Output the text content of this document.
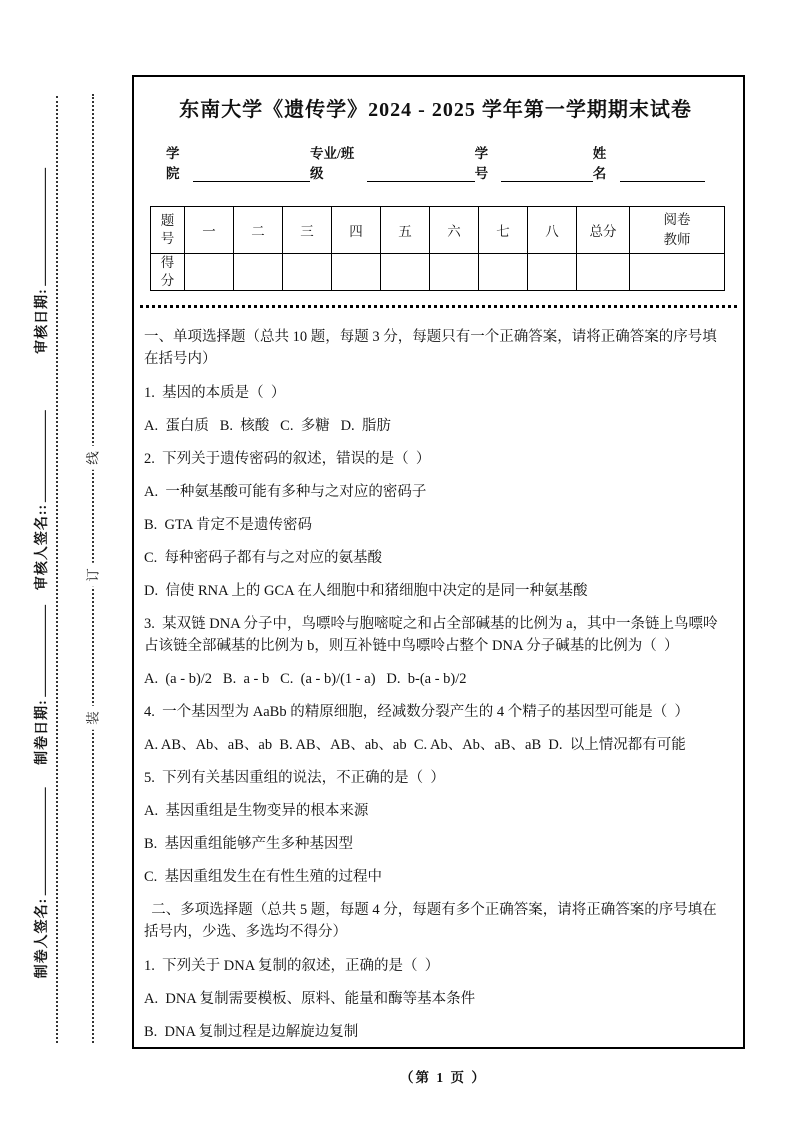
线
订
装
审核日期:
审核人签名::
制卷日期:
制卷人签名:
东南大学《遗传学》2024 - 2025 学年第一学期期末试卷
学院
专业/班级
学号
姓名
题号	一	二	三	四	五	六	七	八	总分	阅卷教师
得分										

一、单项选择题（总共 10 题，每题 3 分，每题只有一个正确答案，请将正确答案的序号填在括号内）

1.  基因的本质是（  ）

A.  蛋白质   B.  核酸   C.  多糖   D.  脂肪

2.  下列关于遗传密码的叙述，错误的是（  ）

A.  一种氨基酸可能有多种与之对应的密码子

B.  GTA 肯定不是遗传密码

C.  每种密码子都有与之对应的氨基酸

D.  信使 RNA 上的 GCA 在人细胞中和猪细胞中决定的是同一种氨基酸

3.  某双链 DNA 分子中，鸟嘌呤与胞嘧啶之和占全部碱基的比例为 a，其中一条链上鸟嘌呤占该链全部碱基的比例为 b，则互补链中鸟嘌呤占整个 DNA 分子碱基的比例为（  ）

A.  (a - b)/2   B.  a - b   C.  (a - b)/(1 - a)   D.  b-(a - b)/2

4.  一个基因型为 AaBb 的精原细胞，经减数分裂产生的 4 个精子的基因型可能是（  ）

A. AB、Ab、aB、ab  B. AB、AB、ab、ab  C. Ab、Ab、aB、aB  D.  以上情况都有可能

5.  下列有关基因重组的说法，不正确的是（  ）

A.  基因重组是生物变异的根本来源

B.  基因重组能够产生多种基因型

C.  基因重组发生在有性生殖的过程中

二、多项选择题（总共 5 题，每题 4 分，每题有多个正确答案，请将正确答案的序号填在括号内，少选、多选均不得分）

1.  下列关于 DNA 复制的叙述，正确的是（  ）

A.  DNA 复制需要模板、原料、能量和酶等基本条件

B.  DNA 复制过程是边解旋边复制

（第 1 页 ）
